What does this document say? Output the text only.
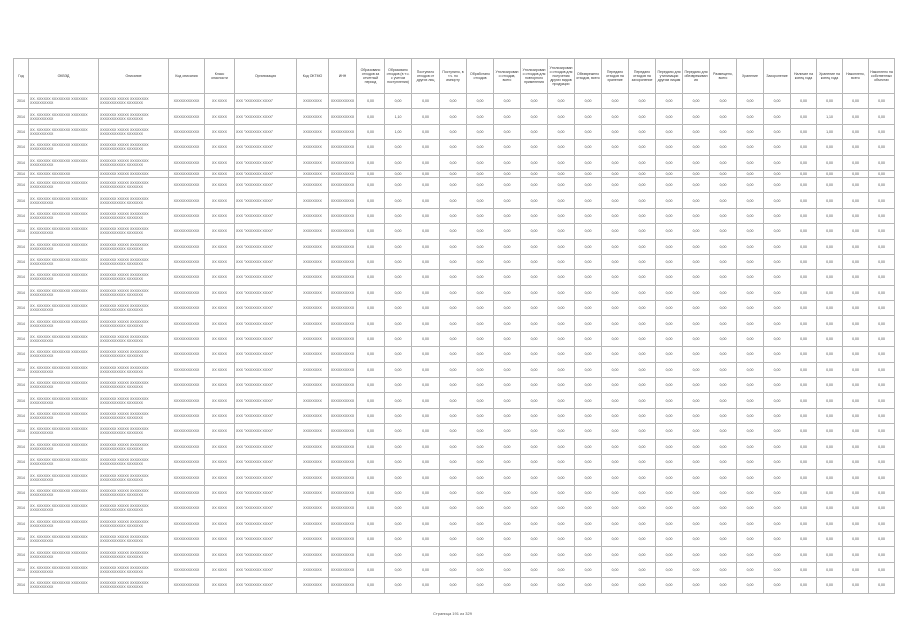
Год	ОКВЭД	Описание	Код описания	Класс опасности	Организация	Код ОКТМО	ИНН	Образовано отходов за отчетный период	Образовано отходов (в т.ч. с учетом поступления)	Поступило отходов от других лиц	Поступило, в т.ч. по импорту	Обработано отходов	Утилизировано отходов, всего	Утилизировано отходов для повторного применения	Утилизировано отходов для получения других видов продукции	Обезврежено отходов, всего	Передано отходов на хранение	Передано отходов на захоронение	Передано для утилизации другим лицам	Передано для обезвреживания	Размещено, всего	Хранение	Захоронение	Наличие на конец года	Хранение на конец года	Накоплено, всего	Накоплено на собственных объектах
2014	ХХ. ХХХХХХ ХХХХХХХХ ХХХХХХХ ХХХХХХХХХХ	ХХХХХХХ ХХХХХ ХХХХХХХХ ХХХХХХХХХХХ ХХХХХХХ	ХХХХХХХХХХХ	ХХ ХХХХ	ХХХ "ХХХХХХХ ХХХХ"	ХХХХХХХХ	ХХХХХХХХХХ	0,00	0,00	0,00	0,00	0,00	0,00	0,00	0,00	0,00	0,00	0,00	0,00	0,00	0,00	0,00	0,00	0,00	0,00	0,00	0,00
2014	ХХ. ХХХХХХ ХХХХХХХХ ХХХХХХХ ХХХХХХХХХХ	ХХХХХХХ ХХХХХ ХХХХХХХХ ХХХХХХХХХХХ ХХХХХХХ	ХХХХХХХХХХХ	ХХ ХХХХ	ХХХ "ХХХХХХХ ХХХХ"	ХХХХХХХХ	ХХХХХХХХХХ	0,00	1,10	0,00	0,00	0,00	0,00	0,00	0,00	0,00	0,00	0,00	0,00	0,00	0,00	0,00	0,00	0,00	1,10	0,00	0,00
2014	ХХ. ХХХХХХ ХХХХХХХХ ХХХХХХХ ХХХХХХХХХХ	ХХХХХХХ ХХХХХ ХХХХХХХХ ХХХХХХХХХХХ ХХХХХХХ	ХХХХХХХХХХХ	ХХ ХХХХ	ХХХ "ХХХХХХХ ХХХХ"	ХХХХХХХХ	ХХХХХХХХХХ	0,00	1,00	0,00	0,00	0,00	0,00	0,00	0,00	0,00	0,00	0,00	0,00	0,00	0,00	0,00	0,00	0,00	1,00	0,00	0,00
2014	ХХ. ХХХХХХ ХХХХХХХХ ХХХХХХХ ХХХХХХХХХХ	ХХХХХХХ ХХХХХ ХХХХХХХХ ХХХХХХХХХХХ ХХХХХХХ	ХХХХХХХХХХХ	ХХ ХХХХ	ХХХ "ХХХХХХХ ХХХХ"	ХХХХХХХХ	ХХХХХХХХХХ	0,00	0,00	0,00	0,00	0,00	0,00	0,00	0,00	0,00	0,00	0,00	0,00	0,00	0,00	0,00	0,00	0,00	0,00	0,00	0,00
2014	ХХ. ХХХХХХ ХХХХХХХХ ХХХХХХХ ХХХХХХХХХХ	ХХХХХХХ ХХХХХ ХХХХХХХХ ХХХХХХХХХХХ ХХХХХХХ	ХХХХХХХХХХХ	ХХ ХХХХ	ХХХ "ХХХХХХХ ХХХХ"	ХХХХХХХХ	ХХХХХХХХХХ	0,00	0,00	0,00	0,00	0,00	0,00	0,00	0,00	0,00	0,00	0,00	0,00	0,00	0,00	0,00	0,00	0,00	0,00	0,00	0,00
2014	ХХ. ХХХХХХ ХХХХХХХХ	ХХХХХХХ ХХХХХ ХХХХХХХХ	ХХХХХХХХХХХ	ХХ ХХХХ	ХХХ "ХХХХХХХ ХХХХ"	ХХХХХХХХ	ХХХХХХХХХХ	0,00	0,00	0,00	0,00	0,00	0,00	0,00	0,00	0,00	0,00	0,00	0,00	0,00	0,00	0,00	0,00	0,00	0,00	0,00	0,00
2014	ХХ. ХХХХХХ ХХХХХХХХ ХХХХХХХ ХХХХХХХХХХ	ХХХХХХХ ХХХХХ ХХХХХХХХ ХХХХХХХХХХХ ХХХХХХХ	ХХХХХХХХХХХ	ХХ ХХХХ	ХХХ "ХХХХХХХ ХХХХ"	ХХХХХХХХ	ХХХХХХХХХХ	0,00	0,00	0,00	0,00	0,00	0,00	0,00	0,00	0,00	0,00	0,00	0,00	0,00	0,00	0,00	0,00	0,00	0,00	0,00	0,00
2014	ХХ. ХХХХХХ ХХХХХХХХ ХХХХХХХ ХХХХХХХХХХ	ХХХХХХХ ХХХХХ ХХХХХХХХ ХХХХХХХХХХХ ХХХХХХХ	ХХХХХХХХХХХ	ХХ ХХХХ	ХХХ "ХХХХХХХ ХХХХ"	ХХХХХХХХ	ХХХХХХХХХХ	0,00	0,00	0,00	0,00	0,00	0,00	0,00	0,00	0,00	0,00	0,00	0,00	0,00	0,00	0,00	0,00	0,00	0,00	0,00	0,00
2014	ХХ. ХХХХХХ ХХХХХХХХ ХХХХХХХ ХХХХХХХХХХ	ХХХХХХХ ХХХХХ ХХХХХХХХ ХХХХХХХХХХХ ХХХХХХХ	ХХХХХХХХХХХ	ХХ ХХХХ	ХХХ "ХХХХХХХ ХХХХ"	ХХХХХХХХ	ХХХХХХХХХХ	0,00	0,00	0,00	0,00	0,00	0,00	0,00	0,00	0,00	0,00	0,00	0,00	0,00	0,00	0,00	0,00	0,00	0,00	0,00	0,00
2014	ХХ. ХХХХХХ ХХХХХХХХ ХХХХХХХ ХХХХХХХХХХ	ХХХХХХХ ХХХХХ ХХХХХХХХ ХХХХХХХХХХХ ХХХХХХХ	ХХХХХХХХХХХ	ХХ ХХХХ	ХХХ "ХХХХХХХ ХХХХ"	ХХХХХХХХ	ХХХХХХХХХХ	0,00	0,00	0,00	0,00	0,00	0,00	0,00	0,00	0,00	0,00	0,00	0,00	0,00	0,00	0,00	0,00	0,00	0,00	0,00	0,00
2014	ХХ. ХХХХХХ ХХХХХХХХ ХХХХХХХ ХХХХХХХХХХ	ХХХХХХХ ХХХХХ ХХХХХХХХ ХХХХХХХХХХХ ХХХХХХХ	ХХХХХХХХХХХ	ХХ ХХХХ	ХХХ "ХХХХХХХ ХХХХ"	ХХХХХХХХ	ХХХХХХХХХХ	0,00	0,00	0,00	0,00	0,00	0,00	0,00	0,00	0,00	0,00	0,00	0,00	0,00	0,00	0,00	0,00	0,00	0,00	0,00	0,00
2014	ХХ. ХХХХХХ ХХХХХХХХ ХХХХХХХ ХХХХХХХХХХ	ХХХХХХХ ХХХХХ ХХХХХХХХ ХХХХХХХХХХХ ХХХХХХХ	ХХХХХХХХХХХ	ХХ ХХХХ	ХХХ "ХХХХХХХ ХХХХ"	ХХХХХХХХ	ХХХХХХХХХХ	0,00	0,00	0,00	0,00	0,00	0,00	0,00	0,00	0,00	0,00	0,00	0,00	0,00	0,00	0,00	0,00	0,00	0,00	0,00	0,00
2014	ХХ. ХХХХХХ ХХХХХХХХ ХХХХХХХ ХХХХХХХХХХ	ХХХХХХХ ХХХХХ ХХХХХХХХ ХХХХХХХХХХХ ХХХХХХХ	ХХХХХХХХХХХ	ХХ ХХХХ	ХХХ "ХХХХХХХ ХХХХ"	ХХХХХХХХ	ХХХХХХХХХХ	0,00	0,00	0,00	0,00	0,00	0,00	0,00	0,00	0,00	0,00	0,00	0,00	0,00	0,00	0,00	0,00	0,00	0,00	0,00	0,00
2014	ХХ. ХХХХХХ ХХХХХХХХ ХХХХХХХ ХХХХХХХХХХ	ХХХХХХХ ХХХХХ ХХХХХХХХ ХХХХХХХХХХХ ХХХХХХХ	ХХХХХХХХХХХ	ХХ ХХХХ	ХХХ "ХХХХХХХ ХХХХ"	ХХХХХХХХ	ХХХХХХХХХХ	0,00	0,00	0,00	0,00	0,00	0,00	0,00	0,00	0,00	0,00	0,00	0,00	0,00	0,00	0,00	0,00	0,00	0,00	0,00	0,00
2014	ХХ. ХХХХХХ ХХХХХХХХ ХХХХХХХ ХХХХХХХХХХ	ХХХХХХХ ХХХХХ ХХХХХХХХ ХХХХХХХХХХХ ХХХХХХХ	ХХХХХХХХХХХ	ХХ ХХХХ	ХХХ "ХХХХХХХ ХХХХ"	ХХХХХХХХ	ХХХХХХХХХХ	0,00	0,00	0,00	0,00	0,00	0,00	0,00	0,00	0,00	0,00	0,00	0,00	0,00	0,00	0,00	0,00	0,00	0,00	0,00	0,00
2014	ХХ. ХХХХХХ ХХХХХХХХ ХХХХХХХ ХХХХХХХХХХ	ХХХХХХХ ХХХХХ ХХХХХХХХ ХХХХХХХХХХХ ХХХХХХХ	ХХХХХХХХХХХ	ХХ ХХХХ	ХХХ "ХХХХХХХ ХХХХ"	ХХХХХХХХ	ХХХХХХХХХХ	0,00	0,00	0,00	0,00	0,00	0,00	0,00	0,00	0,00	0,00	0,00	0,00	0,00	0,00	0,00	0,00	0,00	0,00	0,00	0,00
2014	ХХ. ХХХХХХ ХХХХХХХХ ХХХХХХХ ХХХХХХХХХХ	ХХХХХХХ ХХХХХ ХХХХХХХХ ХХХХХХХХХХХ ХХХХХХХ	ХХХХХХХХХХХ	ХХ ХХХХ	ХХХ "ХХХХХХХ ХХХХ"	ХХХХХХХХ	ХХХХХХХХХХ	0,00	0,00	0,00	0,00	0,00	0,00	0,00	0,00	0,00	0,00	0,00	0,00	0,00	0,00	0,00	0,00	0,00	0,00	0,00	0,00
2014	ХХ. ХХХХХХ ХХХХХХХХ ХХХХХХХ ХХХХХХХХХХ	ХХХХХХХ ХХХХХ ХХХХХХХХ ХХХХХХХХХХХ ХХХХХХХ	ХХХХХХХХХХХ	ХХ ХХХХ	ХХХ "ХХХХХХХ ХХХХ"	ХХХХХХХХ	ХХХХХХХХХХ	0,00	0,00	0,00	0,00	0,00	0,00	0,00	0,00	0,00	0,00	0,00	0,00	0,00	0,00	0,00	0,00	0,00	0,00	0,00	0,00
2014	ХХ. ХХХХХХ ХХХХХХХХ ХХХХХХХ ХХХХХХХХХХ	ХХХХХХХ ХХХХХ ХХХХХХХХ ХХХХХХХХХХХ ХХХХХХХ	ХХХХХХХХХХХ	ХХ ХХХХ	ХХХ "ХХХХХХХ ХХХХ"	ХХХХХХХХ	ХХХХХХХХХХ	0,00	0,00	0,00	0,00	0,00	0,00	0,00	0,00	0,00	0,00	0,00	0,00	0,00	0,00	0,00	0,00	0,00	0,00	0,00	0,00
2014	ХХ. ХХХХХХ ХХХХХХХХ ХХХХХХХ ХХХХХХХХХХ	ХХХХХХХ ХХХХХ ХХХХХХХХ ХХХХХХХХХХХ ХХХХХХХ	ХХХХХХХХХХХ	ХХ ХХХХ	ХХХ "ХХХХХХХ ХХХХ"	ХХХХХХХХ	ХХХХХХХХХХ	0,00	0,00	0,00	0,00	0,00	0,00	0,00	0,00	0,00	0,00	0,00	0,00	0,00	0,00	0,00	0,00	0,00	0,00	0,00	0,00
2014	ХХ. ХХХХХХ ХХХХХХХХ ХХХХХХХ ХХХХХХХХХХ	ХХХХХХХ ХХХХХ ХХХХХХХХ ХХХХХХХХХХХ ХХХХХХХ	ХХХХХХХХХХХ	ХХ ХХХХ	ХХХ "ХХХХХХХ ХХХХ"	ХХХХХХХХ	ХХХХХХХХХХ	0,00	0,00	0,00	0,00	0,00	0,00	0,00	0,00	0,00	0,00	0,00	0,00	0,00	0,00	0,00	0,00	0,00	0,00	0,00	0,00
2014	ХХ. ХХХХХХ ХХХХХХХХ ХХХХХХХ ХХХХХХХХХХ	ХХХХХХХ ХХХХХ ХХХХХХХХ ХХХХХХХХХХХ ХХХХХХХ	ХХХХХХХХХХХ	ХХ ХХХХ	ХХХ "ХХХХХХХ ХХХХ"	ХХХХХХХХ	ХХХХХХХХХХ	0,00	0,00	0,00	0,00	0,00	0,00	0,00	0,00	0,00	0,00	0,00	0,00	0,00	0,00	0,00	0,00	0,00	0,00	0,00	0,00
2014	ХХ. ХХХХХХ ХХХХХХХХ ХХХХХХХ ХХХХХХХХХХ	ХХХХХХХ ХХХХХ ХХХХХХХХ ХХХХХХХХХХХ ХХХХХХХ	ХХХХХХХХХХХ	ХХ ХХХХ	ХХХ "ХХХХХХХ ХХХХ"	ХХХХХХХХ	ХХХХХХХХХХ	0,00	0,00	0,00	0,00	0,00	0,00	0,00	0,00	0,00	0,00	0,00	0,00	0,00	0,00	0,00	0,00	0,00	0,00	0,00	0,00
2014	ХХ. ХХХХХХ ХХХХХХХХ ХХХХХХХ ХХХХХХХХХХ	ХХХХХХХ ХХХХХ ХХХХХХХХ ХХХХХХХХХХХ ХХХХХХХ	ХХХХХХХХХХХ	ХХ ХХХХ	ХХХ "ХХХХХХХ ХХХХ"	ХХХХХХХХ	ХХХХХХХХХХ	0,00	0,00	0,00	0,00	0,00	0,00	0,00	0,00	0,00	0,00	0,00	0,00	0,00	0,00	0,00	0,00	0,00	0,00	0,00	0,00
2014	ХХ. ХХХХХХ ХХХХХХХХ ХХХХХХХ ХХХХХХХХХХ	ХХХХХХХ ХХХХХ ХХХХХХХХ ХХХХХХХХХХХ ХХХХХХХ	ХХХХХХХХХХХ	ХХ ХХХХ	ХХХ "ХХХХХХХ ХХХХ"	ХХХХХХХХ	ХХХХХХХХХХ	0,00	0,00	0,00	0,00	0,00	0,00	0,00	0,00	0,00	0,00	0,00	0,00	0,00	0,00	0,00	0,00	0,00	0,00	0,00	0,00
2014	ХХ. ХХХХХХ ХХХХХХХХ ХХХХХХХ ХХХХХХХХХХ	ХХХХХХХ ХХХХХ ХХХХХХХХ ХХХХХХХХХХХ ХХХХХХХ	ХХХХХХХХХХХ	ХХ ХХХХ	ХХХ "ХХХХХХХ ХХХХ"	ХХХХХХХХ	ХХХХХХХХХХ	0,00	0,00	0,00	0,00	0,00	0,00	0,00	0,00	0,00	0,00	0,00	0,00	0,00	0,00	0,00	0,00	0,00	0,00	0,00	0,00
2014	ХХ. ХХХХХХ ХХХХХХХХ ХХХХХХХ ХХХХХХХХХХ	ХХХХХХХ ХХХХХ ХХХХХХХХ ХХХХХХХХХХХ ХХХХХХХ	ХХХХХХХХХХХ	ХХ ХХХХ	ХХХ "ХХХХХХХ ХХХХ"	ХХХХХХХХ	ХХХХХХХХХХ	0,00	0,00	0,00	0,00	0,00	0,00	0,00	0,00	0,00	0,00	0,00	0,00	0,00	0,00	0,00	0,00	0,00	0,00	0,00	0,00
2014	ХХ. ХХХХХХ ХХХХХХХХ ХХХХХХХ ХХХХХХХХХХ	ХХХХХХХ ХХХХХ ХХХХХХХХ ХХХХХХХХХХХ ХХХХХХХ	ХХХХХХХХХХХ	ХХ ХХХХ	ХХХ "ХХХХХХХ ХХХХ"	ХХХХХХХХ	ХХХХХХХХХХ	0,00	0,00	0,00	0,00	0,00	0,00	0,00	0,00	0,00	0,00	0,00	0,00	0,00	0,00	0,00	0,00	0,00	0,00	0,00	0,00
2014	ХХ. ХХХХХХ ХХХХХХХХ ХХХХХХХ ХХХХХХХХХХ	ХХХХХХХ ХХХХХ ХХХХХХХХ ХХХХХХХХХХХ ХХХХХХХ	ХХХХХХХХХХХ	ХХ ХХХХ	ХХХ "ХХХХХХХ ХХХХ"	ХХХХХХХХ	ХХХХХХХХХХ	0,00	0,00	0,00	0,00	0,00	0,00	0,00	0,00	0,00	0,00	0,00	0,00	0,00	0,00	0,00	0,00	0,00	0,00	0,00	0,00
2014	ХХ. ХХХХХХ ХХХХХХХХ ХХХХХХХ ХХХХХХХХХХ	ХХХХХХХ ХХХХХ ХХХХХХХХ ХХХХХХХХХХХ ХХХХХХХ	ХХХХХХХХХХХ	ХХ ХХХХ	ХХХ "ХХХХХХХ ХХХХ"	ХХХХХХХХ	ХХХХХХХХХХ	0,00	0,00	0,00	0,00	0,00	0,00	0,00	0,00	0,00	0,00	0,00	0,00	0,00	0,00	0,00	0,00	0,00	0,00	0,00	0,00
2014	ХХ. ХХХХХХ ХХХХХХХХ ХХХХХХХ ХХХХХХХХХХ	ХХХХХХХ ХХХХХ ХХХХХХХХ ХХХХХХХХХХХ ХХХХХХХ	ХХХХХХХХХХХ	ХХ ХХХХ	ХХХ "ХХХХХХХ ХХХХ"	ХХХХХХХХ	ХХХХХХХХХХ	0,00	0,00	0,00	0,00	0,00	0,00	0,00	0,00	0,00	0,00	0,00	0,00	0,00	0,00	0,00	0,00	0,00	0,00	0,00	0,00
2014	ХХ. ХХХХХХ ХХХХХХХХ ХХХХХХХ ХХХХХХХХХХ	ХХХХХХХ ХХХХХ ХХХХХХХХ ХХХХХХХХХХХ ХХХХХХХ	ХХХХХХХХХХХ	ХХ ХХХХ	ХХХ "ХХХХХХХ ХХХХ"	ХХХХХХХХ	ХХХХХХХХХХ	0,00	0,00	0,00	0,00	0,00	0,00	0,00	0,00	0,00	0,00	0,00	0,00	0,00	0,00	0,00	0,00	0,00	0,00	0,00	0,00
2014	ХХ. ХХХХХХ ХХХХХХХХ ХХХХХХХ ХХХХХХХХХХ	ХХХХХХХ ХХХХХ ХХХХХХХХ ХХХХХХХХХХХ ХХХХХХХ	ХХХХХХХХХХХ	ХХ ХХХХ	ХХХ "ХХХХХХХ ХХХХ"	ХХХХХХХХ	ХХХХХХХХХХ	0,00	0,00	0,00	0,00	0,00	0,00	0,00	0,00	0,00	0,00	0,00	0,00	0,00	0,00	0,00	0,00	0,00	0,00	0,00	0,00
Страница 191 из 329
